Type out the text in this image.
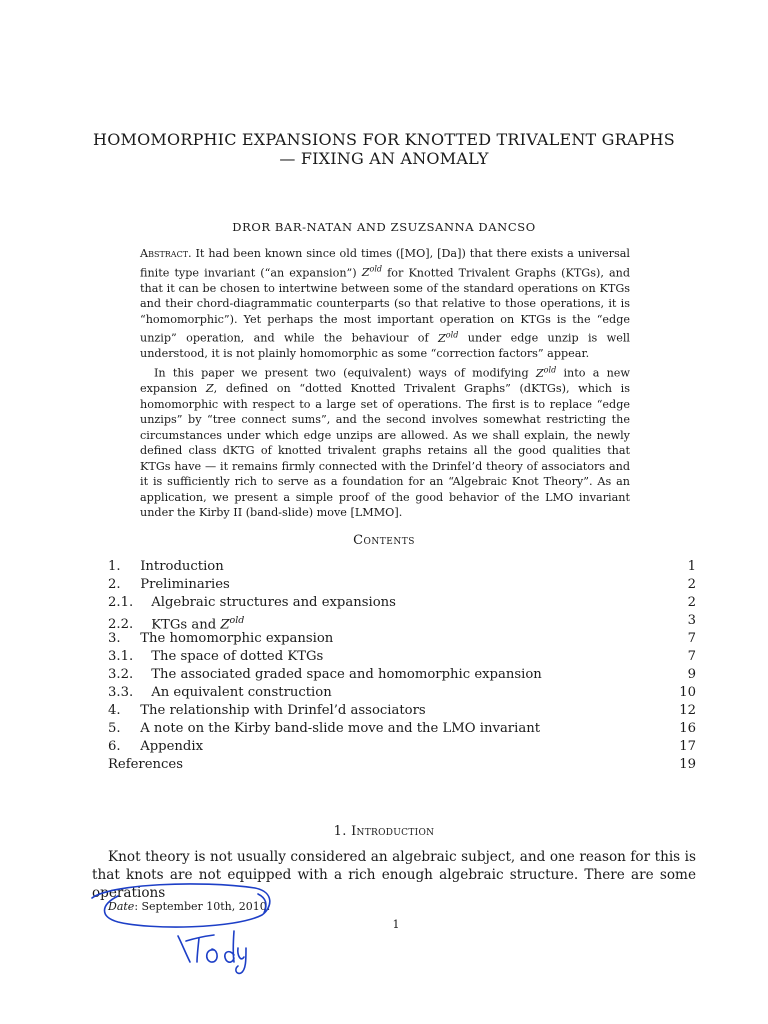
HOMOMORPHIC EXPANSIONS FOR KNOTTED TRIVALENT GRAPHS
— FIXING AN ANOMALY
DROR BAR-NATAN AND ZSUZSANNA DANCSO

Abstract. It had been known since old times ([MO], [Da]) that there exists a universal finite type invariant (“an expansion”) $Z^{old}$ for Knotted Trivalent Graphs (KTGs), and that it can be chosen to intertwine between some of the standard operations on KTGs and their chord-diagrammatic counterparts (so that relative to those operations, it is “homomorphic”). Yet perhaps the most important operation on KTGs is the “edge unzip” operation, and while the behaviour of $Z^{old}$ under edge unzip is well understood, it is not plainly homomorphic as some “correction factors” appear.

In this paper we present two (equivalent) ways of modifying $Z^{old}$ into a new expansion Z, defined on “dotted Knotted Trivalent Graphs” (dKTGs), which is homomorphic with respect to a large set of operations. The first is to replace “edge unzips” by “tree connect sums”, and the second involves somewhat restricting the circumstances under which edge unzips are allowed. As we shall explain, the newly defined class dKTG of knotted trivalent graphs retains all the good qualities that KTGs have — it remains firmly connected with the Drinfel’d theory of associators and it is sufficiently rich to serve as a foundation for an “Algebraic Knot Theory”. As an application, we present a simple proof of the good behavior of the LMO invariant under the Kirby II (band-slide) move [LMMO].

Contents
1. Introduction	1
2. Preliminaries	2
2.1. Algebraic structures and expansions	2
2.2. KTGs and $Z^{old}$	3
3. The homomorphic expansion	7
3.1. The space of dotted KTGs	7
3.2. The associated graded space and homomorphic expansion	9
3.3. An equivalent construction	10
4. The relationship with Drinfel’d associators	12
5. A note on the Kirby band-slide move and the LMO invariant	16
6. Appendix	17
References	19
1. Introduction

Knot theory is not usually considered an algebraic subject, and one reason for this is that knots are not equipped with a rich enough algebraic structure. There are some operations

Date: September 10th, 2010.
1
Today
